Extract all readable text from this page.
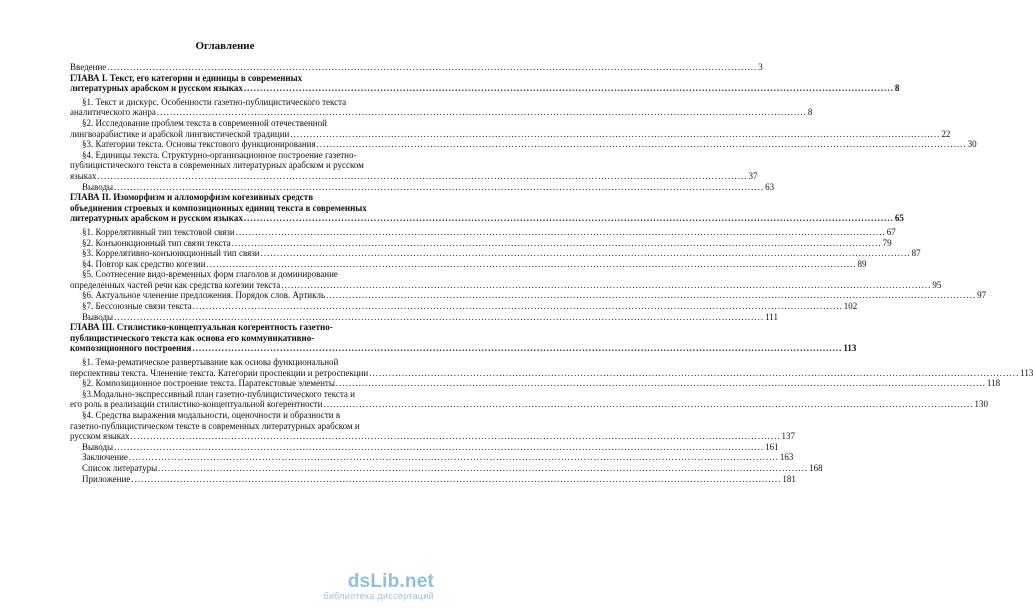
Оглавление
Введение ........................................................................................................................................................................................................ 3
ГЛАВА I. Текст, его категории и единицы в современных
литературных арабском и русском языках ........................................................................................................................................................................................................ 8
§1. Текст и дискурс. Особенности газетно-публицистического текста
аналитического жанра ........................................................................................................................................................................................................ 8
§2. Исследование проблем текста в современной отечественной
лингвоарабистике и арабской лингвистической традиции ........................................................................................................................................................................................................ 22
§3. Категории текста. Основы текстового функционирования ........................................................................................................................................................................................................ 30
§4. Единицы текста. Структурно-организационное построение газетно-
публицистического текста в современных литературных арабском и русском
языках ........................................................................................................................................................................................................ 37
Выводы ........................................................................................................................................................................................................ 63
ГЛАВА II. Изоморфизм и алломорфизм когезивных средств
объединения строевых и композиционных единиц текста в современных
литературных арабском и русском языках ........................................................................................................................................................................................................ 65
§1. Коррелятивный тип текстовой связи ........................................................................................................................................................................................................ 67
§2. Конъюнкционный тип связи текста ........................................................................................................................................................................................................ 79
§3. Коррелятивно-конъюнкционный тип связи ........................................................................................................................................................................................................ 87
§4. Повтор как средство когезии ........................................................................................................................................................................................................ 89
§5. Соотнесение видо-временных форм глаголов и доминирование
определенных частей речи как средства когезии текста ........................................................................................................................................................................................................ 95
§6. Актуальное членение предложения. Порядок слов. Артикль ........................................................................................................................................................................................................ 97
§7. Бессоюзные связи текста ........................................................................................................................................................................................................ 102
Выводы ........................................................................................................................................................................................................ 111
ГЛАВА III. Стилистико-концептуальная когерентность газетно-
публицистического текста как основа его коммуникативно-
композиционного построения ........................................................................................................................................................................................................ 113
§1. Тема-рематическое развертывание как основа функциональной
перспективы текста. Членение текста. Категории проспекции и ретроспекции ........................................................................................................................................................................................................ 113
§2. Композиционное построение текста. Паратекстовые элементы ........................................................................................................................................................................................................ 118
§3.Модально-экспрессивный план газетно-публицистического текста и
его роль в реализации стилистико-концептуальной когерентности ........................................................................................................................................................................................................ 130
§4. Средства выражения модальности, оценочности и образности в
газетно-публицистическом тексте в современных литературных арабском и
русском языках ........................................................................................................................................................................................................ 137
Выводы ........................................................................................................................................................................................................ 161
Заключение ........................................................................................................................................................................................................ 163
Список литературы ........................................................................................................................................................................................................ 168
Приложение ........................................................................................................................................................................................................ 181
dsLib.net
библиотека диссертаций
